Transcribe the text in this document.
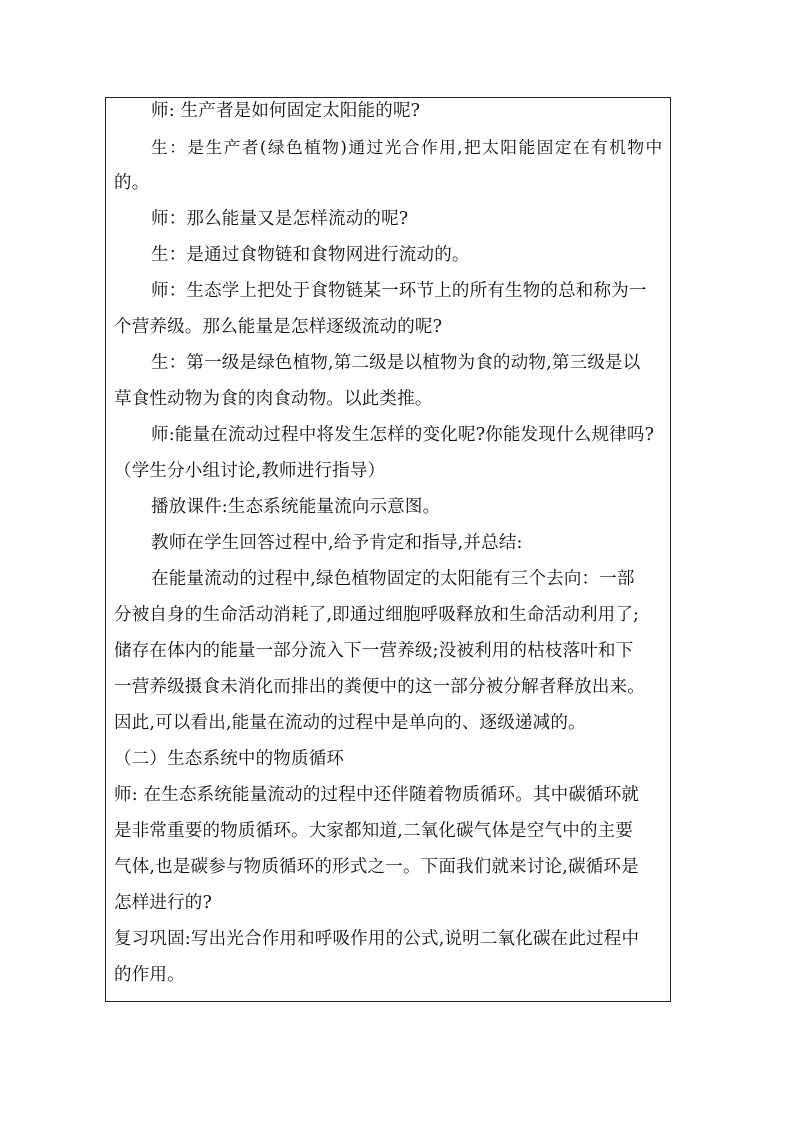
师: 生产者是如何固定太阳能的呢?
生：是生产者(绿色植物)通过光合作用,把太阳能固定在有机物中
的。
师：那么能量又是怎样流动的呢?
生：是通过食物链和食物网进行流动的。
师：生态学上把处于食物链某一环节上的所有生物的总和称为一
个营养级。那么能量是怎样逐级流动的呢?
生：第一级是绿色植物,第二级是以植物为食的动物,第三级是以
草食性动物为食的肉食动物。以此类推。
师:能量在流动过程中将发生怎样的变化呢?你能发现什么规律吗?
（学生分小组讨论,教师进行指导）
播放课件:生态系统能量流向示意图。
教师在学生回答过程中,给予肯定和指导,并总结:
在能量流动的过程中,绿色植物固定的太阳能有三个去向：一部
分被自身的生命活动消耗了,即通过细胞呼吸释放和生命活动利用了;
储存在体内的能量一部分流入下一营养级;没被利用的枯枝落叶和下
一营养级摄食未消化而排出的粪便中的这一部分被分解者释放出来。
因此,可以看出,能量在流动的过程中是单向的、逐级递减的。
（二）生态系统中的物质循环
师: 在生态系统能量流动的过程中还伴随着物质循环。其中碳循环就
是非常重要的物质循环。大家都知道,二氧化碳气体是空气中的主要
气体,也是碳参与物质循环的形式之一。下面我们就来讨论,碳循环是
怎样进行的?
复习巩固:写出光合作用和呼吸作用的公式,说明二氧化碳在此过程中
的作用。
